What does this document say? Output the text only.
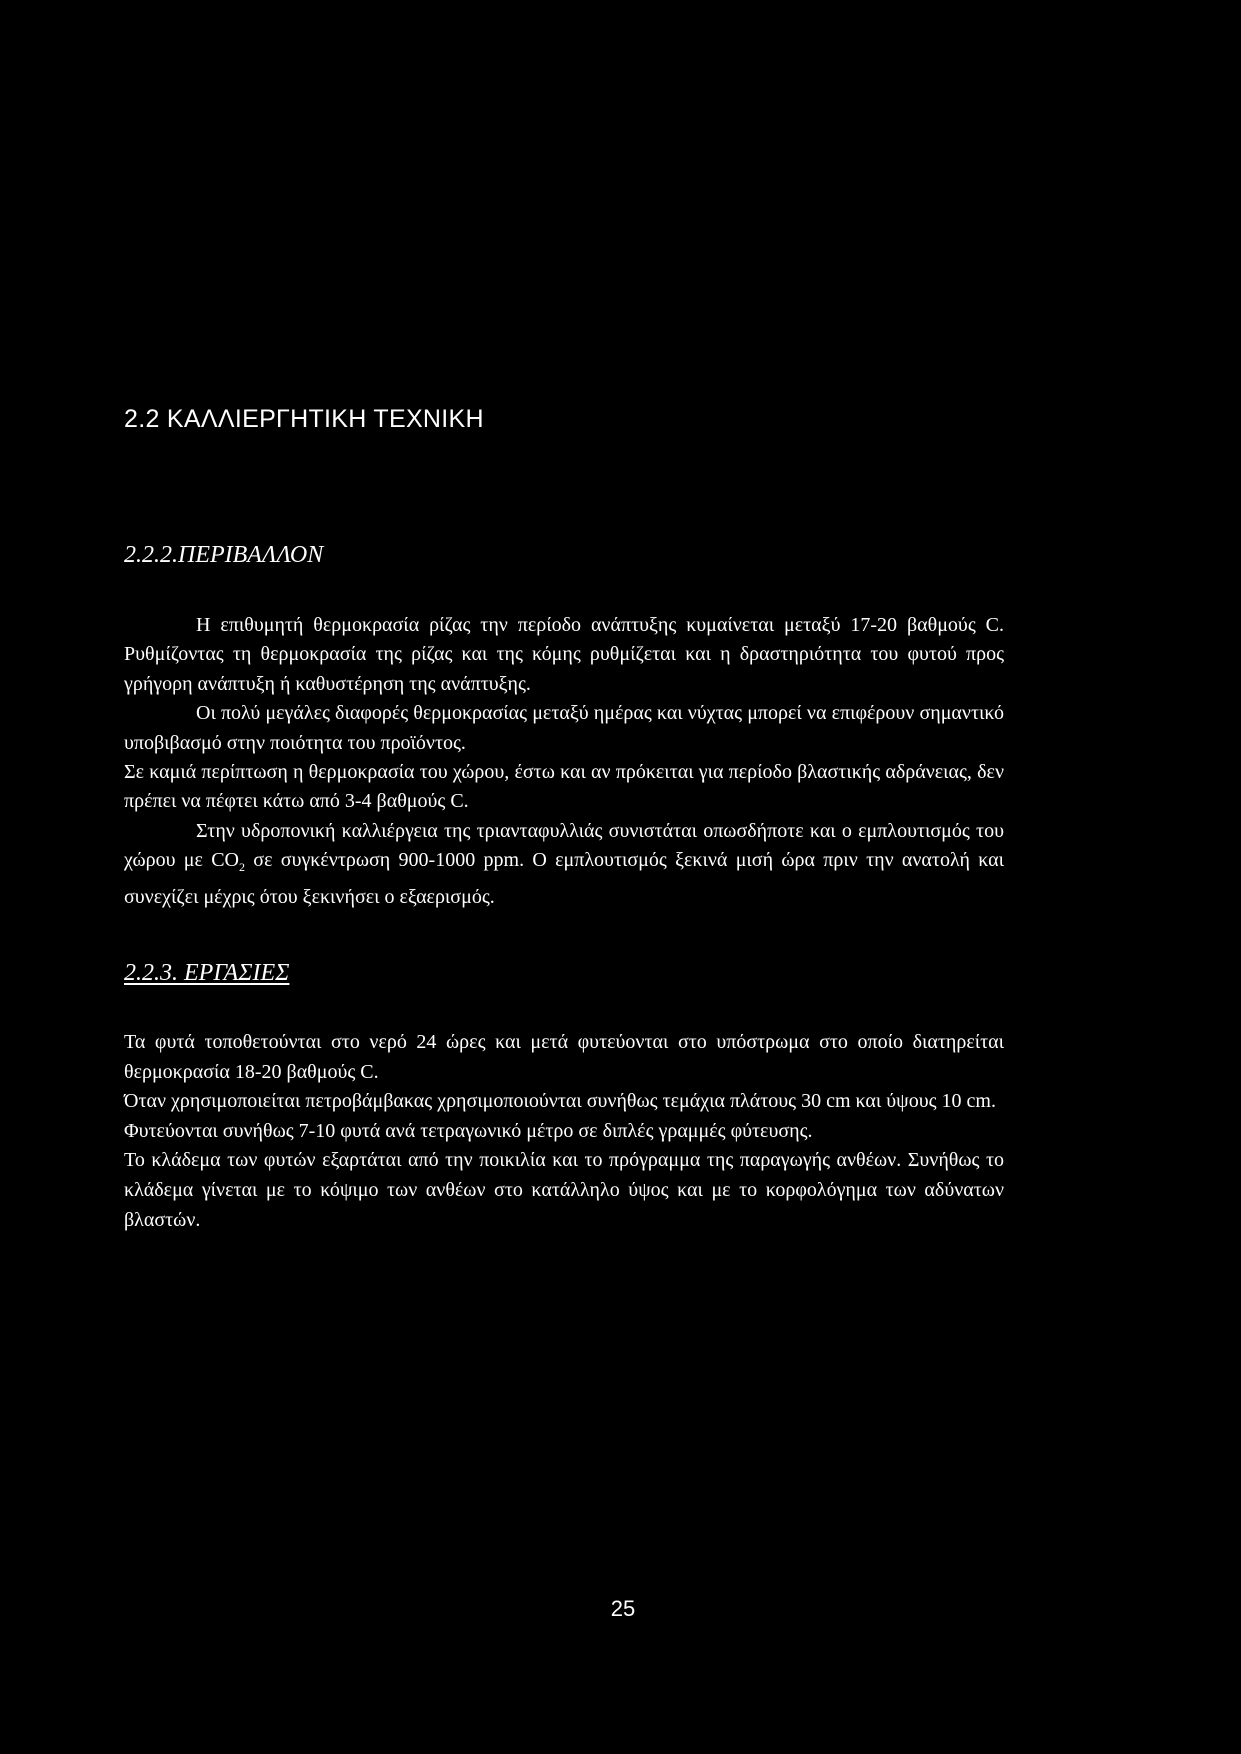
2.2 ΚΑΛΛΙΕΡΓΗΤΙΚΗ ΤΕΧΝΙΚΗ
2.2.2.ΠΕΡΙΒΑΛΛΟΝ

Η επιθυμητή θερμοκρασία ρίζας την περίοδο ανάπτυξης κυμαίνεται μεταξύ 17-20 βαθμούς C. Ρυθμίζοντας τη θερμοκρασία της ρίζας και της κόμης ρυθμίζεται και η δραστηριότητα του φυτού προς γρήγορη ανάπτυξη ή καθυστέρηση της ανάπτυξης.

Οι πολύ μεγάλες διαφορές θερμοκρασίας μεταξύ ημέρας και νύχτας μπορεί να επιφέρουν σημαντικό υποβιβασμό στην ποιότητα του προϊόντος.

Σε καμιά περίπτωση η θερμοκρασία του χώρου, έστω και αν πρόκειται για περίοδο βλαστικής αδράνειας, δεν πρέπει να πέφτει κάτω από 3-4 βαθμούς C.

Στην υδροπονική καλλιέργεια της τριανταφυλλιάς συνιστάται οπωσδήποτε και ο εμπλουτισμός του χώρου με $CO_2$ σε συγκέντρωση 900-1000 ppm. Ο εμπλουτισμός ξεκινά μισή ώρα πριν την ανατολή και συνεχίζει μέχρις ότου ξεκινήσει ο εξαερισμός.

2.2.3. ΕΡΓΑΣΙΕΣ

Τα φυτά τοποθετούνται στο νερό 24 ώρες και μετά φυτεύονται στο υπόστρωμα στο οποίο διατηρείται θερμοκρασία 18-20 βαθμούς C.

Όταν χρησιμοποιείται πετροβάμβακας χρησιμοποιούνται συνήθως τεμάχια πλάτους 30 cm και ύψους 10 cm.

Φυτεύονται συνήθως 7-10 φυτά ανά τετραγωνικό μέτρο σε διπλές γραμμές φύτευσης.

Το κλάδεμα των φυτών εξαρτάται από την ποικιλία και το πρόγραμμα της παραγωγής ανθέων. Συνήθως το κλάδεμα γίνεται με το κόψιμο των ανθέων στο κατάλληλο ύψος και με το κορφολόγημα των αδύνατων βλαστών.

25
